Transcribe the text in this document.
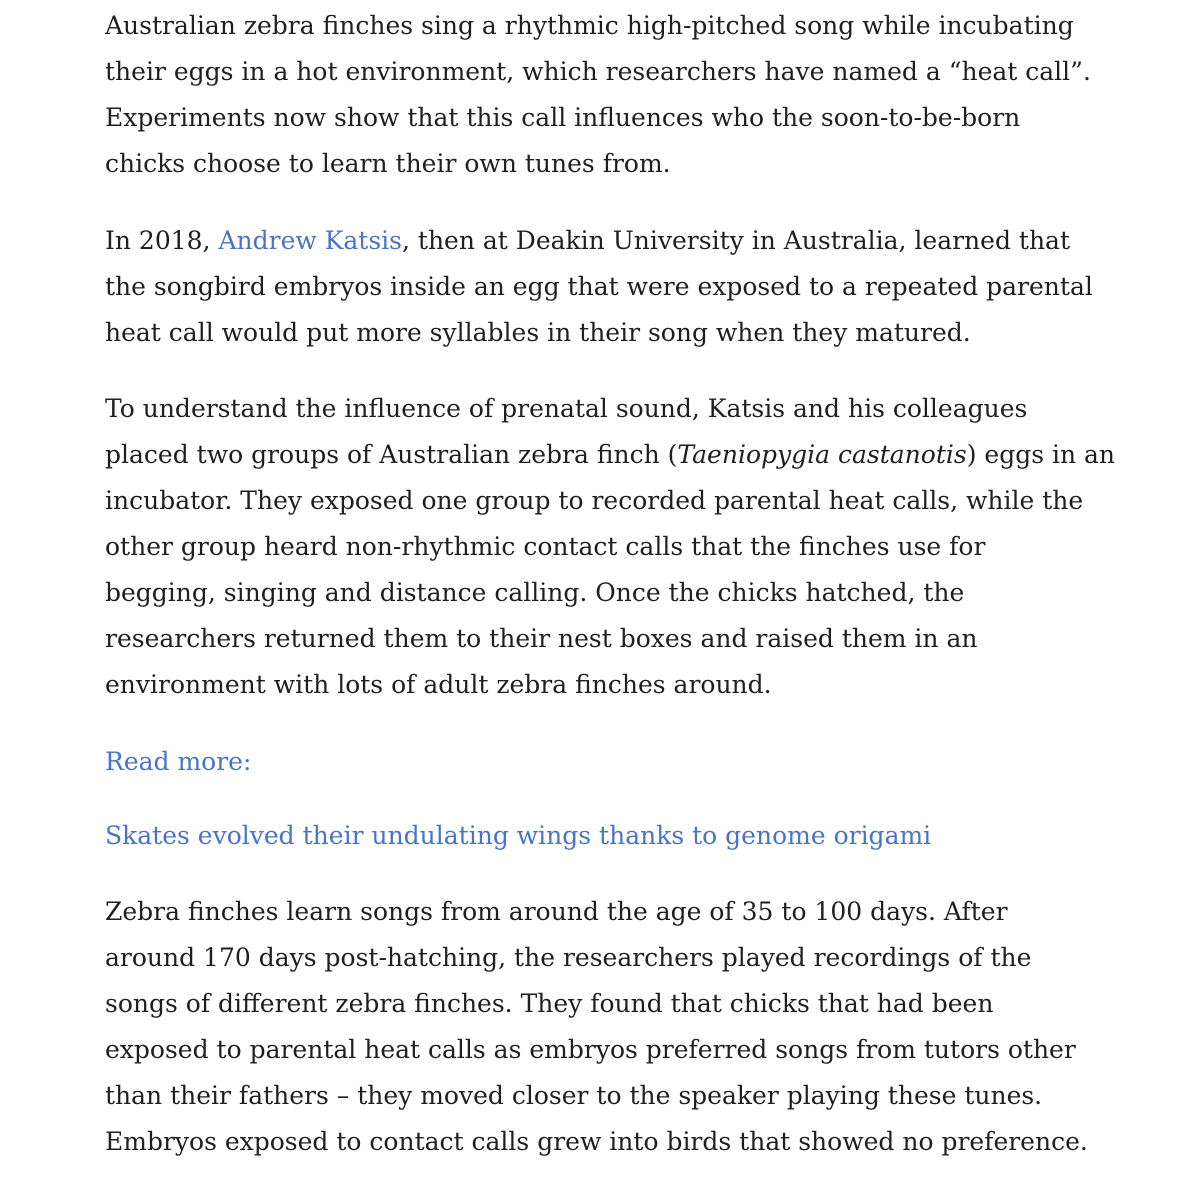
Australian zebra finches sing a rhythmic high-pitched song while incubating
their eggs in a hot environment, which researchers have named a “heat call”.
Experiments now show that this call influences who the soon-to-be-born
chicks choose to learn their own tunes from.

In 2018, Andrew Katsis, then at Deakin University in Australia, learned that
the songbird embryos inside an egg that were exposed to a repeated parental
heat call would put more syllables in their song when they matured.

To understand the influence of prenatal sound, Katsis and his colleagues
placed two groups of Australian zebra finch (Taeniopygia castanotis) eggs in an
incubator. They exposed one group to recorded parental heat calls, while the
other group heard non-rhythmic contact calls that the finches use for
begging, singing and distance calling. Once the chicks hatched, the
researchers returned them to their nest boxes and raised them in an
environment with lots of adult zebra finches around.

Read more:

Skates evolved their undulating wings thanks to genome origami

Zebra finches learn songs from around the age of 35 to 100 days. After
around 170 days post-hatching, the researchers played recordings of the
songs of different zebra finches. They found that chicks that had been
exposed to parental heat calls as embryos preferred songs from tutors other
than their fathers – they moved closer to the speaker playing these tunes.
Embryos exposed to contact calls grew into birds that showed no preference.
